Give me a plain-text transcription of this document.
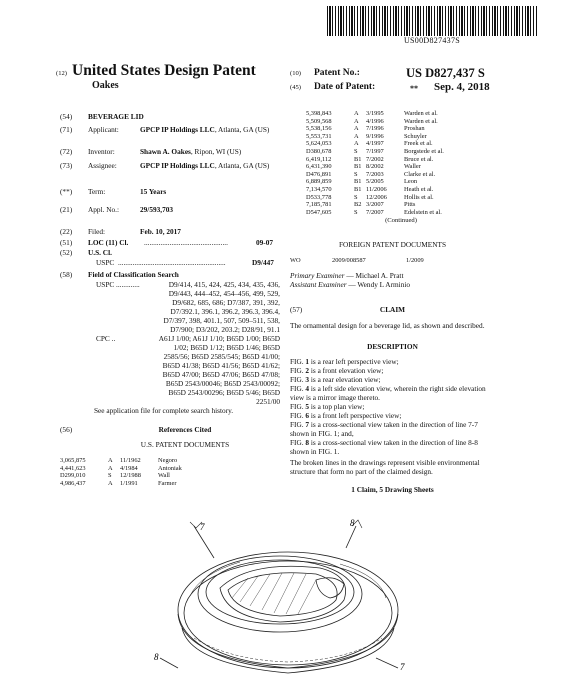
US00D827437S
(12) United States Design Patent
Oakes
(10) Patent No.:	US D827,437 S
(45) Date of Patent:	** Sep. 4, 2018
(54) BEVERAGE LID
(71) Applicant:	GPCP IP Holdings LLC, Atlanta, GA (US)
(72) Inventor:	Shawn A. Oakes, Ripon, WI (US)
(73) Assignee:	GPCP IP Holdings LLC, Atlanta, GA (US)
(**) Term:	15 Years
(21) Appl. No.:	29/593,703
(22) Filed:	Feb. 10, 2017
(51) LOC (11) Cl. ..............................................	09-07
(52) U.S. Cl.
USPC ...........................................................	D9/447
(58) Field of Classification Search
USPC .............	D9/414, 415, 424, 425, 434, 435, 436,
D9/443, 444–452, 454–456, 499, 529,
D9/682, 685, 686; D7/387, 391, 392,
D7/392.1, 396.1, 396.2, 396.3, 396.4,
D7/397, 398, 401.1, 507, 509–511, 538,
D7/900; D3/202, 203.2; D28/91, 91.1
CPC ..	A61J 1/00; A61J 1/10; B65D 1/00; B65D
1/02; B65D 1/12; B65D 1/46; B65D
2585/56; B65D 2585/545; B65D 41/00;
B65D 41/38; B65D 41/56; B65D 41/62;
B65D 47/00; B65D 47/06; B65D 47/08;
B65D 2543/00046; B65D 2543/00092;
B65D 2543/00296; B65D 5/46; B65D
2251/00
See application file for complete search history.
(56)	References Cited
U.S. PATENT DOCUMENTS
3,065,875	A	11/1962	Negoro
4,441,623	A	4/1984	Antoniak
D299,010	S	12/1988	Wall
4,986,437	A	1/1991	Farmer
5,398,843	A	3/1995	Warden et al.
5,509,568	A	4/1996	Warden et al.
5,538,156	A	7/1996	Proshan
5,553,731	A	9/1996	Schuyler
5,624,053	A	4/1997	Freek et al.
D380,678	S	7/1997	Borgstede et al.
6,419,112	B1 7/2002	Bruce et al.
6,431,390	B1 8/2002	Waller
D476,891	S	7/2003	Clarke et al.
6,889,859	B1 5/2005	Leon
7,134,570	B1 11/2006	Heath et al.
D533,778	S	12/2006	Hollis et al.
7,185,781	B2 3/2007	Pitts
D547,605	S	7/2007	Edelstein et al.
(Continued)
FOREIGN PATENT DOCUMENTS
WO	2009/008587	1/2009
Primary Examiner — Michael A. Pratt
Assistant Examiner — Wendy L Arminio
(57)	CLAIM
The ornamental design for a beverage lid, as shown and described.
DESCRIPTION
FIG. 1 is a rear left perspective view;
FIG. 2 is a front elevation view;
FIG. 3 is a rear elevation view;
FIG. 4 is a left side elevation view, wherein the right side elevation view is a mirror image thereto.
FIG. 5 is a top plan view;
FIG. 6 is a front left perspective view;
FIG. 7 is a cross-sectional view taken in the direction of line 7-7 shown in FIG. 1; and,
FIG. 8 is a cross-sectional view taken in the direction of line 8-8 shown in FIG. 1.
The broken lines in the drawings represent visible environmental structure that form no part of the claimed design.
1 Claim, 5 Drawing Sheets
7	8
8
7
